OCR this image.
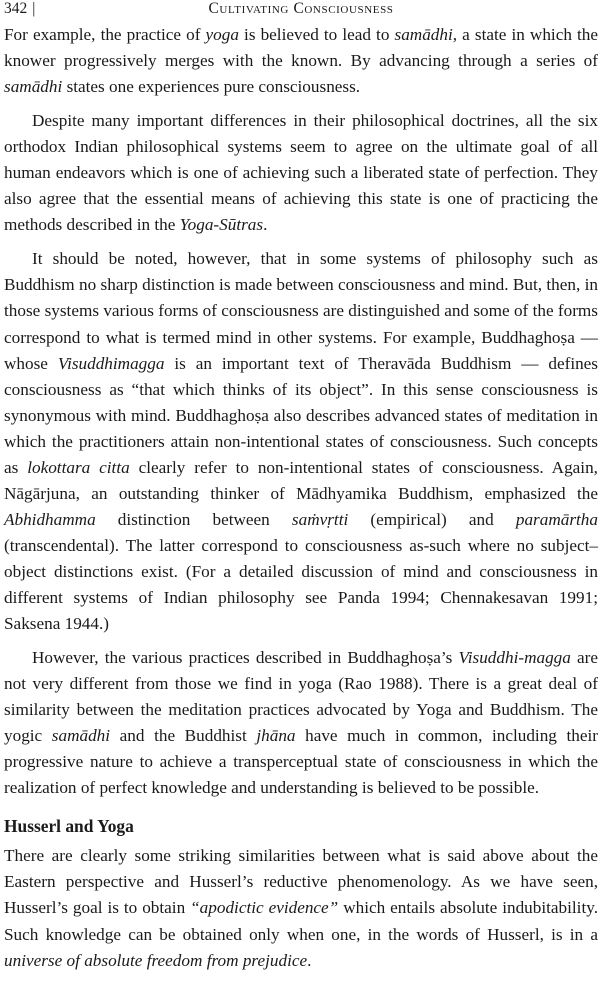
342 |	Cultivating Consciousness

For example, the practice of yoga is believed to lead to samādhi, a state in which the knower progressively merges with the known. By advancing through a series of samādhi states one experiences pure consciousness.

Despite many important differences in their philosophical doctrines, all the six orthodox Indian philosophical systems seem to agree on the ultimate goal of all human endeavors which is one of achieving such a liberated state of perfection. They also agree that the essential means of achieving this state is one of practicing the methods described in the Yoga-Sūtras.

It should be noted, however, that in some systems of philosophy such as Buddhism no sharp distinction is made between consciousness and mind. But, then, in those systems various forms of consciousness are distinguished and some of the forms correspond to what is termed mind in other systems. For example, Buddhaghoṣa — whose Visuddhimagga is an important text of Theravāda Buddhism — defines consciousness as “that which thinks of its object”. In this sense consciousness is synonymous with mind. Buddhaghoṣa also describes advanced states of meditation in which the practitioners attain non-intentional states of consciousness. Such concepts as lokottara citta clearly refer to non-intentional states of consciousness. Again, Nāgārjuna, an outstanding thinker of Mādhyamika Buddhism, emphasized the Abhidhamma distinction between saṁvṛtti (empirical) and paramārtha (transcendental). The latter correspond to consciousness as-such where no subject–object distinctions exist. (For a detailed discussion of mind and consciousness in different systems of Indian philosophy see Panda 1994; Chennakesavan 1991; Saksena 1944.)

However, the various practices described in Buddhaghoṣa’s Visuddhi-magga are not very different from those we find in yoga (Rao 1988). There is a great deal of similarity between the meditation practices advocated by Yoga and Buddhism. The yogic samādhi and the Buddhist jhāna have much in common, including their progressive nature to achieve a transperceptual state of consciousness in which the realization of perfect knowledge and understanding is believed to be possible.

Husserl and Yoga

There are clearly some striking similarities between what is said above about the Eastern perspective and Husserl’s reductive phenomenology. As we have seen, Husserl’s goal is to obtain “apodictic evidence” which entails absolute indubitability. Such knowledge can be obtained only when one, in the words of Husserl, is in a universe of absolute freedom from prejudice.
